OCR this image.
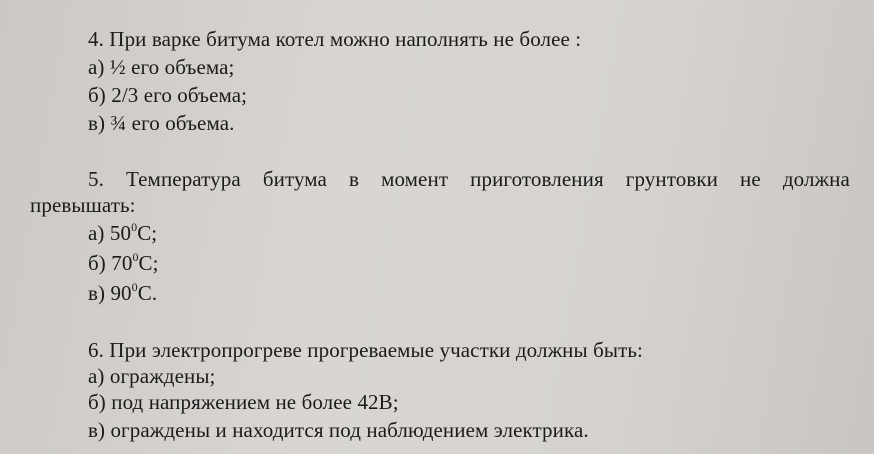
4. При варке битума котел можно наполнять не более :
а) ½ его объема;
б) 2/3 его объема;
в) ¾ его объема.
5. Температура битума в момент приготовления грунтовки не должна
превышать:
а) $50^0С$;
б) $70^0С$;
в) $90^0С$.
6. При электропрогреве прогреваемые участки должны быть:
а) ограждены;
б) под напряжением не более 42В;
в) ограждены и находится под наблюдением электрика.
